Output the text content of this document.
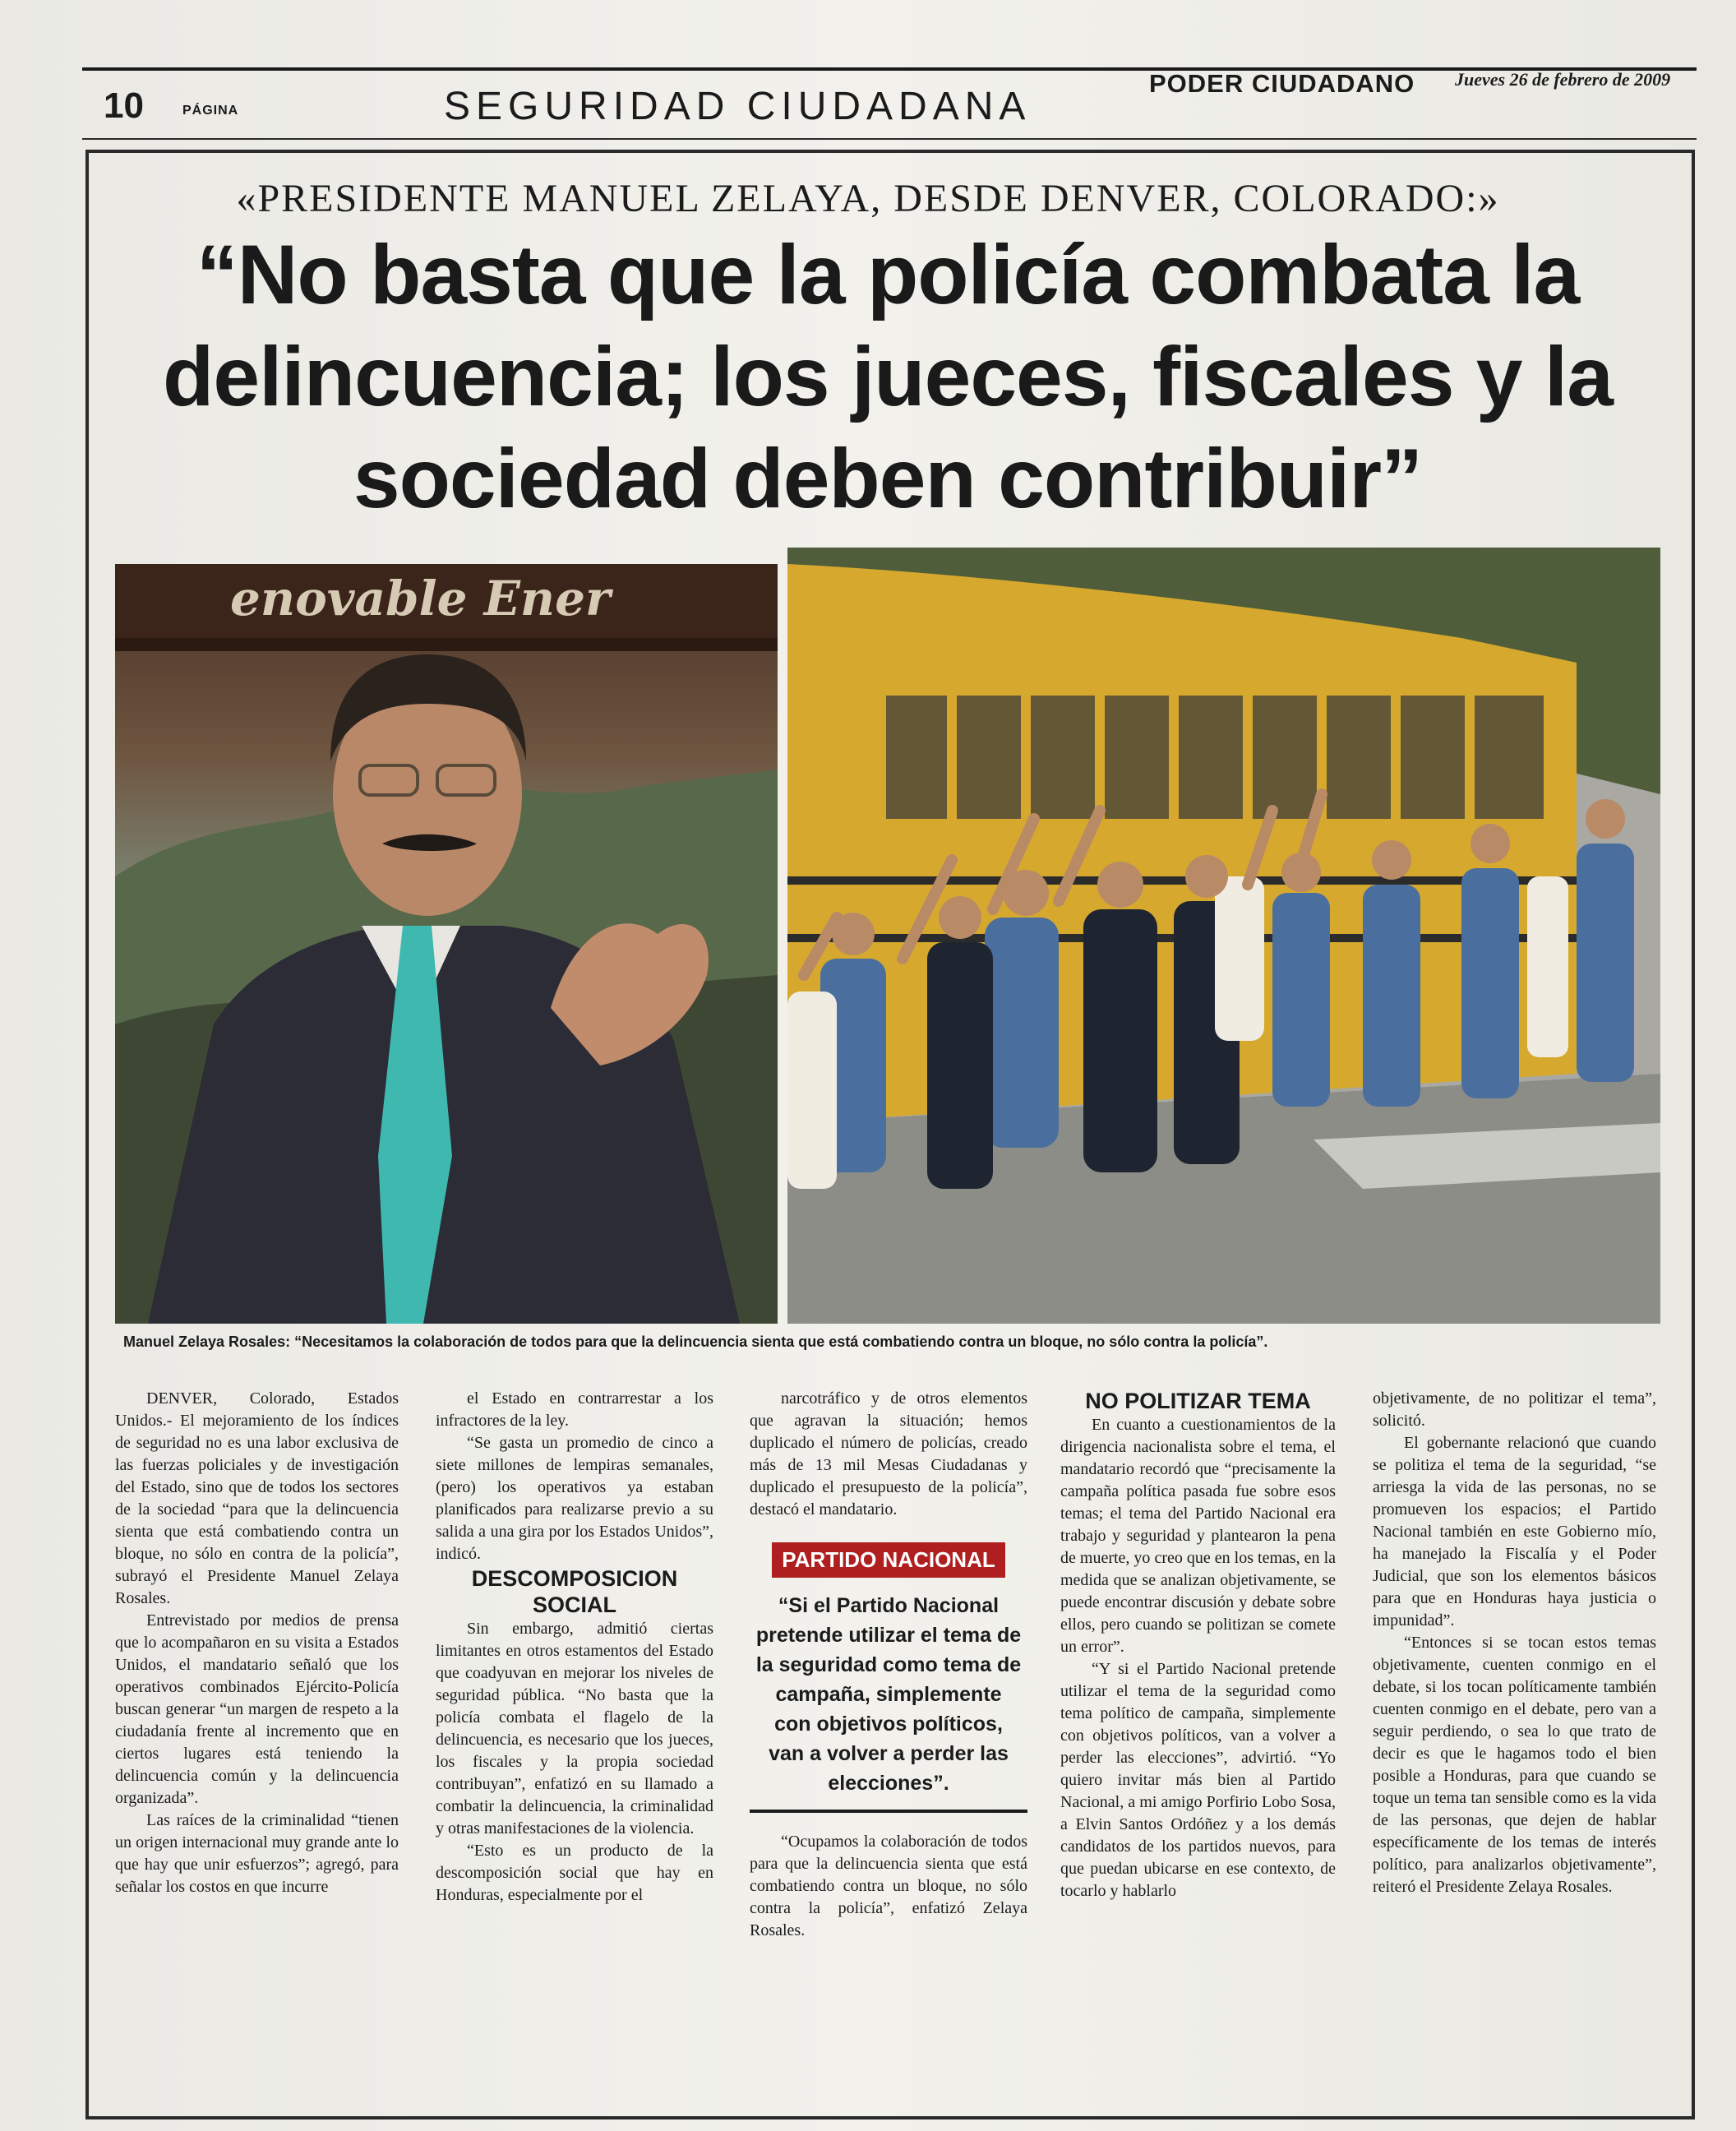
10	PÁGINA	SEGURIDAD CIUDADANA
PODER CIUDADANO Jueves 26 de febrero de 2009
«PRESIDENTE MANUEL ZELAYA, DESDE DENVER, COLORADO:»
“No basta que la policía combata la delincuencia; los jueces, fiscales y la sociedad deben contribuir”
enovable Ener
Manuel Zelaya Rosales: “Necesitamos la colaboración de todos para que la delincuencia sienta que está combatiendo contra un bloque, no sólo contra la policía”.

DENVER, Colorado, Estados Unidos.- El mejoramiento de los índices de seguridad no es una labor exclusiva de las fuerzas policiales y de investigación del Estado, sino que de todos los sectores de la sociedad “para que la delincuencia sienta que está combatiendo contra un bloque, no sólo en contra de la policía”, subrayó el Presidente Manuel Zelaya Rosales.

Entrevistado por medios de prensa que lo acompañaron en su visita a Estados Unidos, el mandatario señaló que los operativos combinados Ejército-Policía buscan generar “un margen de respeto a la ciudadanía frente al incremento que en ciertos lugares está teniendo la delincuencia común y la delincuencia organizada”.

Las raíces de la criminalidad “tienen un origen internacional muy grande ante lo que hay que unir esfuerzos”; agregó, para señalar los costos en que incurre

el Estado en contrarrestar a los infractores de la ley.

“Se gasta un promedio de cinco a siete millones de lempiras semanales, (pero) los operativos ya estaban planificados para realizarse previo a su salida a una gira por los Estados Unidos”, indicó.

DESCOMPOSICION SOCIAL

Sin embargo, admitió ciertas limitantes en otros estamentos del Estado que coadyuvan en mejorar los niveles de seguridad pública. “No basta que la policía combata el flagelo de la delincuencia, es necesario que los jueces, los fiscales y la propia sociedad contribuyan”, enfatizó en su llamado a combatir la delincuencia, la criminalidad y otras manifestaciones de la violencia.

“Esto es un producto de la descomposición social que hay en Honduras, especialmente por el

narcotráfico y de otros elementos que agravan la situación; hemos duplicado el número de policías, creado más de 13 mil Mesas Ciudadanas y duplicado el presupuesto de la policía”, destacó el mandatario.

PARTIDO NACIONAL
“Si el Partido Nacional pretende utilizar el tema de la seguridad como tema de campaña, simplemente con objetivos políticos, van a volver a perder las elecciones”.

“Ocupamos la colaboración de todos para que la delincuencia sienta que está combatiendo contra un bloque, no sólo contra la policía”, enfatizó Zelaya Rosales.

NO POLITIZAR TEMA

En cuanto a cuestionamientos de la dirigencia nacionalista sobre el tema, el mandatario recordó que “precisamente la campaña política pasada fue sobre esos temas; el tema del Partido Nacional era trabajo y seguridad y plantearon la pena de muerte, yo creo que en los temas, en la medida que se analizan objetivamente, se puede encontrar discusión y debate sobre ellos, pero cuando se politizan se comete un error”.

“Y si el Partido Nacional pretende utilizar el tema de la seguridad como tema político de campaña, simplemente con objetivos políticos, van a volver a perder las elecciones”, advirtió. “Yo quiero invitar más bien al Partido Nacional, a mi amigo Porfirio Lobo Sosa, a Elvin Santos Ordóñez y a los demás candidatos de los partidos nuevos, para que puedan ubicarse en ese contexto, de tocarlo y hablarlo

objetivamente, de no politizar el tema”, solicitó.

El gobernante relacionó que cuando se politiza el tema de la seguridad, “se arriesga la vida de las personas, no se promueven los espacios; el Partido Nacional también en este Gobierno mío, ha manejado la Fiscalía y el Poder Judicial, que son los elementos básicos para que en Honduras haya justicia o impunidad”.

“Entonces si se tocan estos temas objetivamente, cuenten conmigo en el debate, si los tocan políticamente también cuenten conmigo en el debate, pero van a seguir perdiendo, o sea lo que trato de decir es que le hagamos todo el bien posible a Honduras, para que cuando se toque un tema tan sensible como es la vida de las personas, que dejen de hablar específicamente de los temas de interés político, para analizarlos objetivamente”, reiteró el Presidente Zelaya Rosales.
